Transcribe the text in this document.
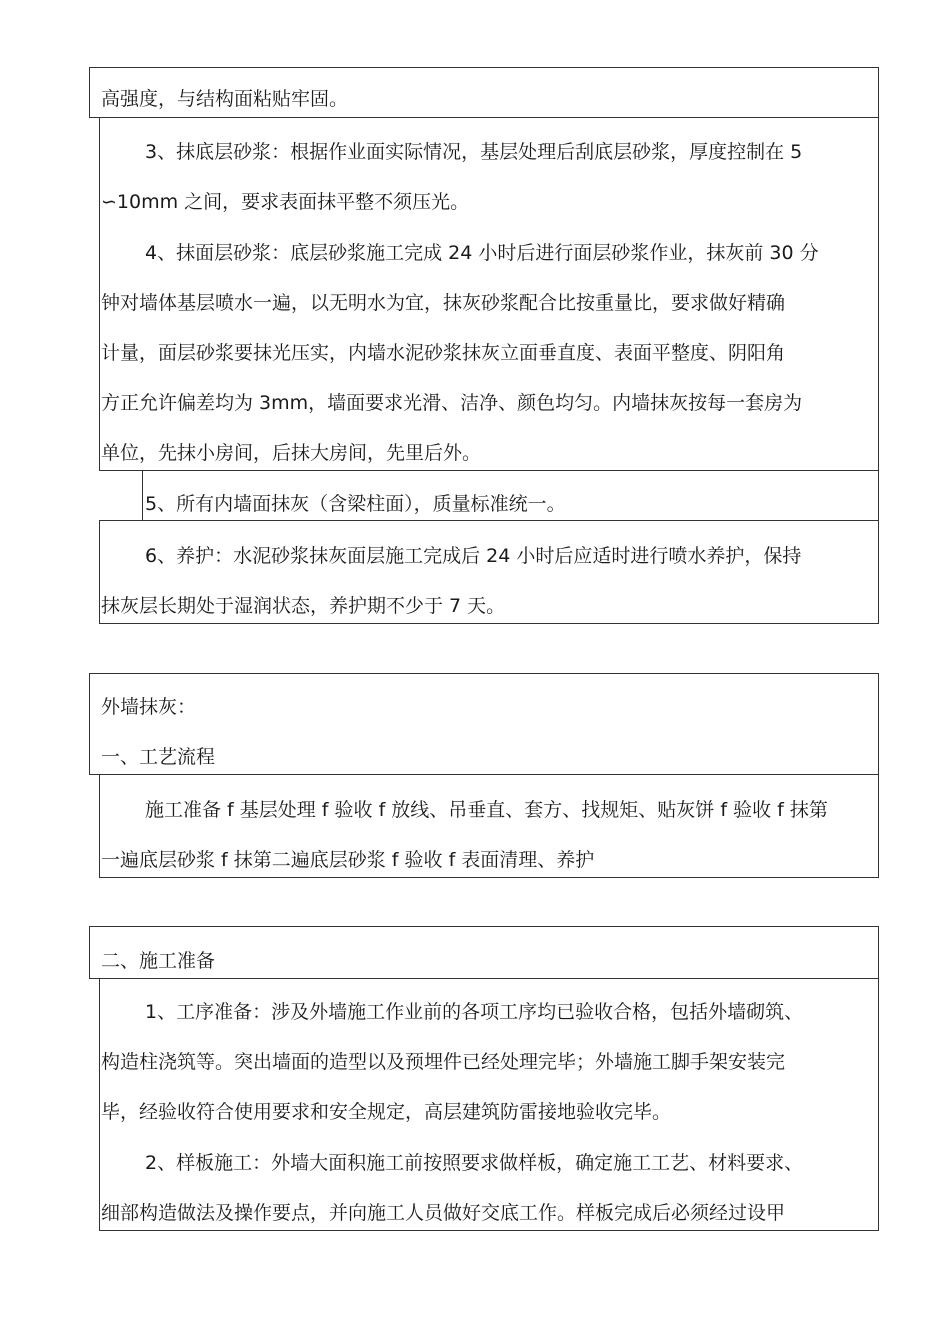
高强度，与结构面粘贴牢固。
3、抹底层砂浆：根据作业面实际情况，基层处理后刮底层砂浆，厚度控制在 5
∽10mm 之间，要求表面抹平整不须压光。
4、抹面层砂浆：底层砂浆施工完成 24 小时后进行面层砂浆作业，抹灰前 30 分
钟对墙体基层喷水一遍，以无明水为宜，抹灰砂浆配合比按重量比，要求做好精确
计量，面层砂浆要抹光压实，内墙水泥砂浆抹灰立面垂直度、表面平整度、阴阳角
方正允许偏差均为 3mm，墙面要求光滑、洁净、颜色均匀。内墙抹灰按每一套房为
单位，先抹小房间，后抹大房间，先里后外。
5、所有内墙面抹灰（含梁柱面），质量标准统一。
6、养护：水泥砂浆抹灰面层施工完成后 24 小时后应适时进行喷水养护，保持
抹灰层长期处于湿润状态，养护期不少于 7 天。
外墙抹灰：
一、工艺流程
施工准备 f 基层处理 f 验收 f 放线、吊垂直、套方、找规矩、贴灰饼 f 验收 f 抹第
一遍底层砂浆 f 抹第二遍底层砂浆 f 验收 f 表面清理、养护
二、施工准备
1、工序准备：涉及外墙施工作业前的各项工序均已验收合格，包括外墙砌筑、
构造柱浇筑等。突出墙面的造型以及预埋件已经处理完毕；外墙施工脚手架安装完
毕，经验收符合使用要求和安全规定，高层建筑防雷接地验收完毕。
2、样板施工：外墙大面积施工前按照要求做样板，确定施工工艺、材料要求、
细部构造做法及操作要点，并向施工人员做好交底工作。样板完成后必须经过设甲
